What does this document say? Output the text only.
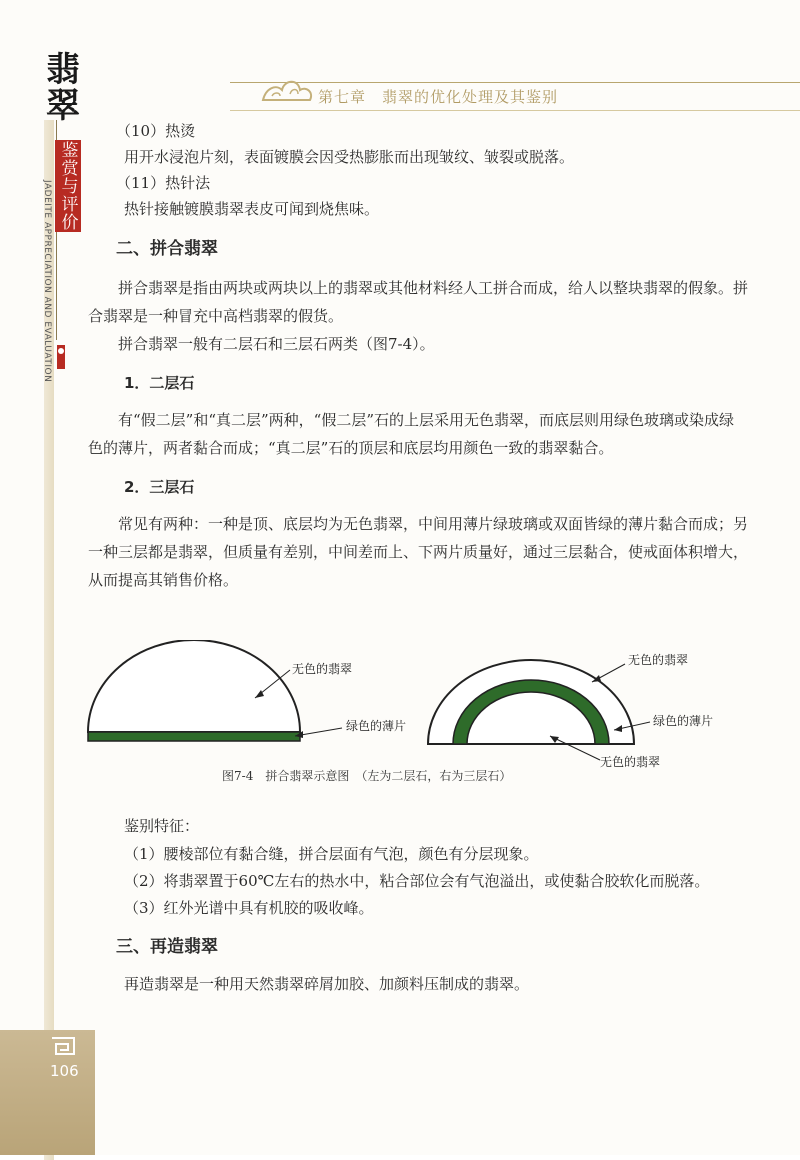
第七章　翡翠的优化处理及其鉴别
翡翠
鉴赏与评价
JADEITE APPRECIATION AND EVALUATION

（10）热烫

用开水浸泡片刻，表面镀膜会因受热膨胀而出现皱纹、皱裂或脱落。

（11）热针法

热针接触镀膜翡翠表皮可闻到烧焦味。

二、拼合翡翠

拼合翡翠是指由两块或两块以上的翡翠或其他材料经人工拼合而成，给人以整块翡翠的假象。拼合翡翠是一种冒充中高档翡翠的假货。

拼合翡翠一般有二层石和三层石两类（图7-4）。

1．二层石

有“假二层”和“真二层”两种，“假二层”石的上层采用无色翡翠，而底层则用绿色玻璃或染成绿色的薄片，两者黏合而成；“真二层”石的顶层和底层均用颜色一致的翡翠黏合。

2．三层石

常见有两种：一种是顶、底层均为无色翡翠，中间用薄片绿玻璃或双面皆绿的薄片黏合而成；另一种三层都是翡翠，但质量有差别，中间差而上、下两片质量好，通过三层黏合，使戒面体积增大，从而提高其销售价格。

无色的翡翠
绿色的薄片
无色的翡翠
绿色的薄片
无色的翡翠
图7-4　拼合翡翠示意图　（左为二层石，右为三层石）

鉴别特征：

（1）腰棱部位有黏合缝，拼合层面有气泡，颜色有分层现象。

（2）将翡翠置于60℃左右的热水中，粘合部位会有气泡溢出，或使黏合胶软化而脱落。

（3）红外光谱中具有机胶的吸收峰。

三、再造翡翠

再造翡翠是一种用天然翡翠碎屑加胶、加颜料压制成的翡翠。

106
